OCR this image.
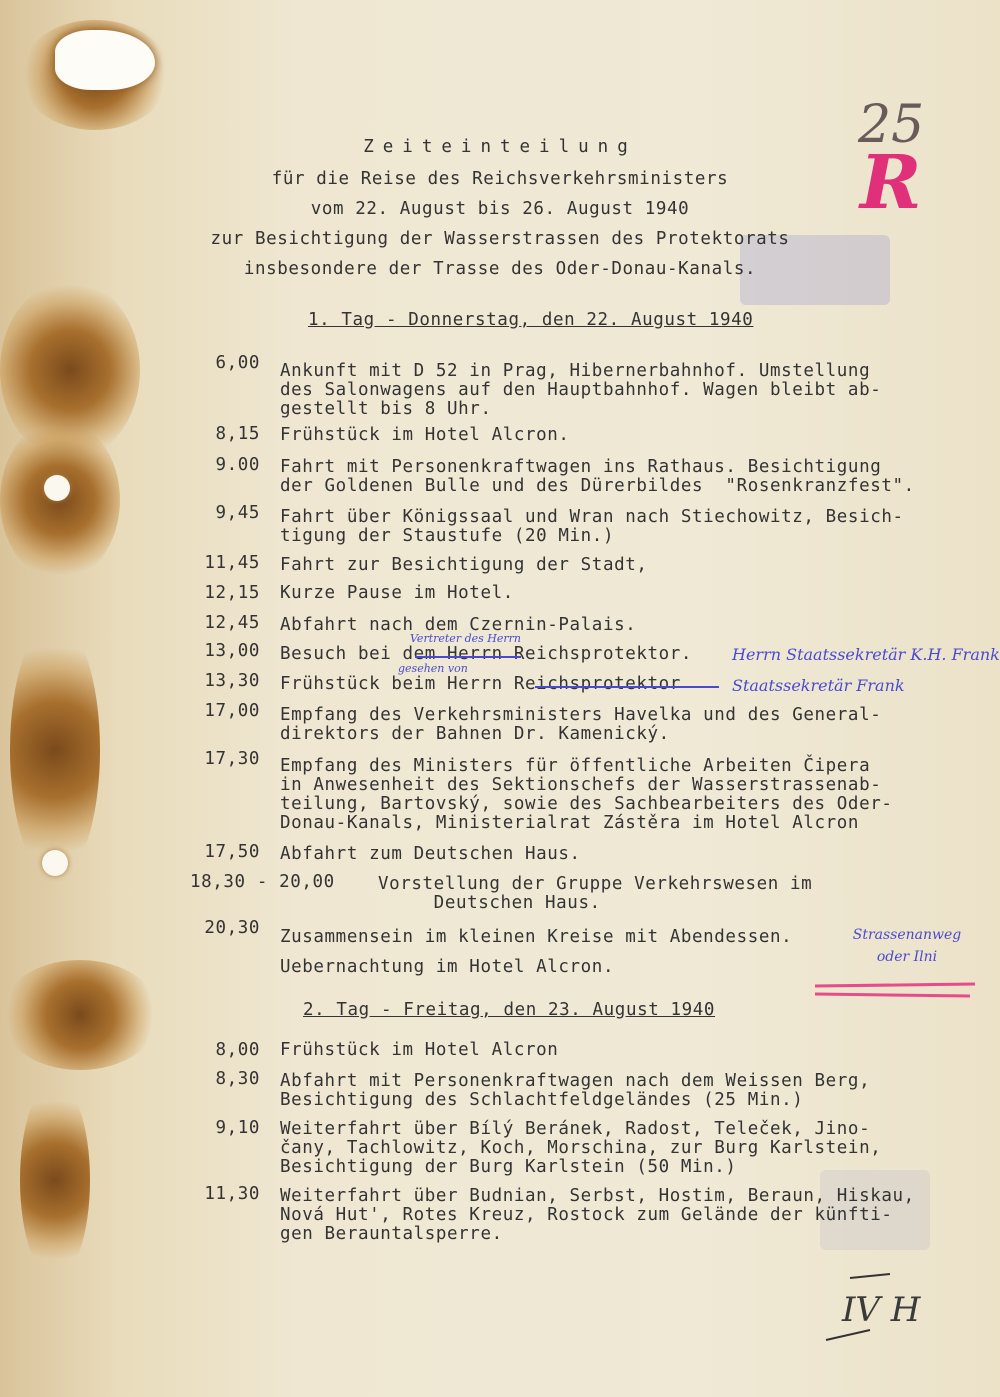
Zeiteinteilung
für die Reise des Reichsverkehrsministers
vom 22. August bis 26. August 1940
zur Besichtigung der Wasserstrassen des Protektorats
insbesondere der Trasse des Oder-Donau-Kanals.
1. Tag - Donnerstag, den 22. August 1940
6,00 Ankunft mit D 52 in Prag, Hibernerbahnhof. Umstellung
des Salonwagens auf den Hauptbahnhof. Wagen bleibt ab-
gestellt bis 8 Uhr.
8,15 Frühstück im Hotel Alcron.
9.00 Fahrt mit Personenkraftwagen ins Rathaus. Besichtigung
der Goldenen Bulle und des Dürerbildes  "Rosenkranzfest".
9,45 Fahrt über Königssaal und Wran nach Stiechowitz, Besich-
tigung der Staustufe (20 Min.)
11,45 Fahrt zur Besichtigung der Stadt,
12,15 Kurze Pause im Hotel.
12,45 Abfahrt nach dem Czernin-Palais.
13,00 Besuch bei dem Herrn Reichsprotektor.
13,30 Frühstück beim Herrn Reichsprotektor
17,00 Empfang des Verkehrsministers Havelka und des General-
direktors der Bahnen Dr. Kamenický.
17,30 Empfang des Ministers für öffentliche Arbeiten Čipera
in Anwesenheit des Sektionschefs der Wasserstrassenab-
teilung, Bartovský, sowie des Sachbearbeiters des Oder-
Donau-Kanals, Ministerialrat Zástěra im Hotel Alcron
17,50 Abfahrt zum Deutschen Haus.
18,30 - 20,00	Vorstellung der Gruppe Verkehrswesen im
Deutschen Haus.
20,30 Zusammensein im kleinen Kreise mit Abendessen.
Uebernachtung im Hotel Alcron.
2. Tag - Freitag, den 23. August 1940
8,00 Frühstück im Hotel Alcron
8,30 Abfahrt mit Personenkraftwagen nach dem Weissen Berg,
Besichtigung des Schlachtfeldgeländes (25 Min.)
9,10 Weiterfahrt über Bílý Beránek, Radost, Teleček, Jino-
čany, Tachlowitz, Koch, Morschina, zur Burg Karlstein,
Besichtigung der Burg Karlstein (50 Min.)
11,30 Weiterfahrt über Budnian, Serbst, Hostim, Beraun, Hiskau,
Nová Hut', Rotes Kreuz, Rostock zum Gelände der künfti-
gen Berauntalsperre.
25
R
Vertreter des Herrn
gesehen von
Herrn Staatssekretär K.H. Frank
Staatssekretär Frank
Strassenanweg oder Ilni
IV H
